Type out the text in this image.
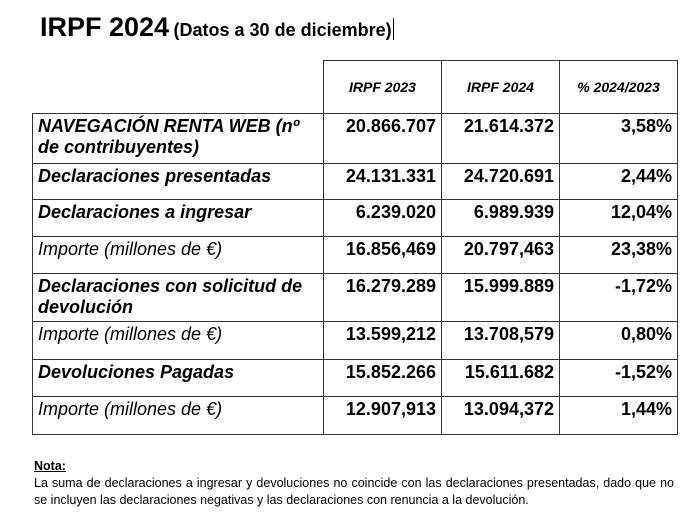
IRPF 2024 (Datos a 30 de diciembre)
	IRPF 2023	IRPF 2024	% 2024/2023
NAVEGACIÓN RENTA WEB (nº de contribuyentes)	20.866.707	21.614.372	3,58%
Declaraciones presentadas	24.131.331	24.720.691	2,44%
Declaraciones a ingresar	6.239.020	6.989.939	12,04%
Importe (millones de €)	16.856,469	20.797,463	23,38%
Declaraciones con solicitud de devolución	16.279.289	15.999.889	-1,72%
Importe (millones de €)	13.599,212	13.708,579	0,80%
Devoluciones Pagadas	15.852.266	15.611.682	-1,52%
Importe (millones de €)	12.907,913	13.094,372	1,44%
Nota:

La suma de declaraciones a ingresar y devoluciones no coincide con las declaraciones presentadas, dado que no se incluyen las declaraciones negativas y las declaraciones con renuncia a la devolución.
